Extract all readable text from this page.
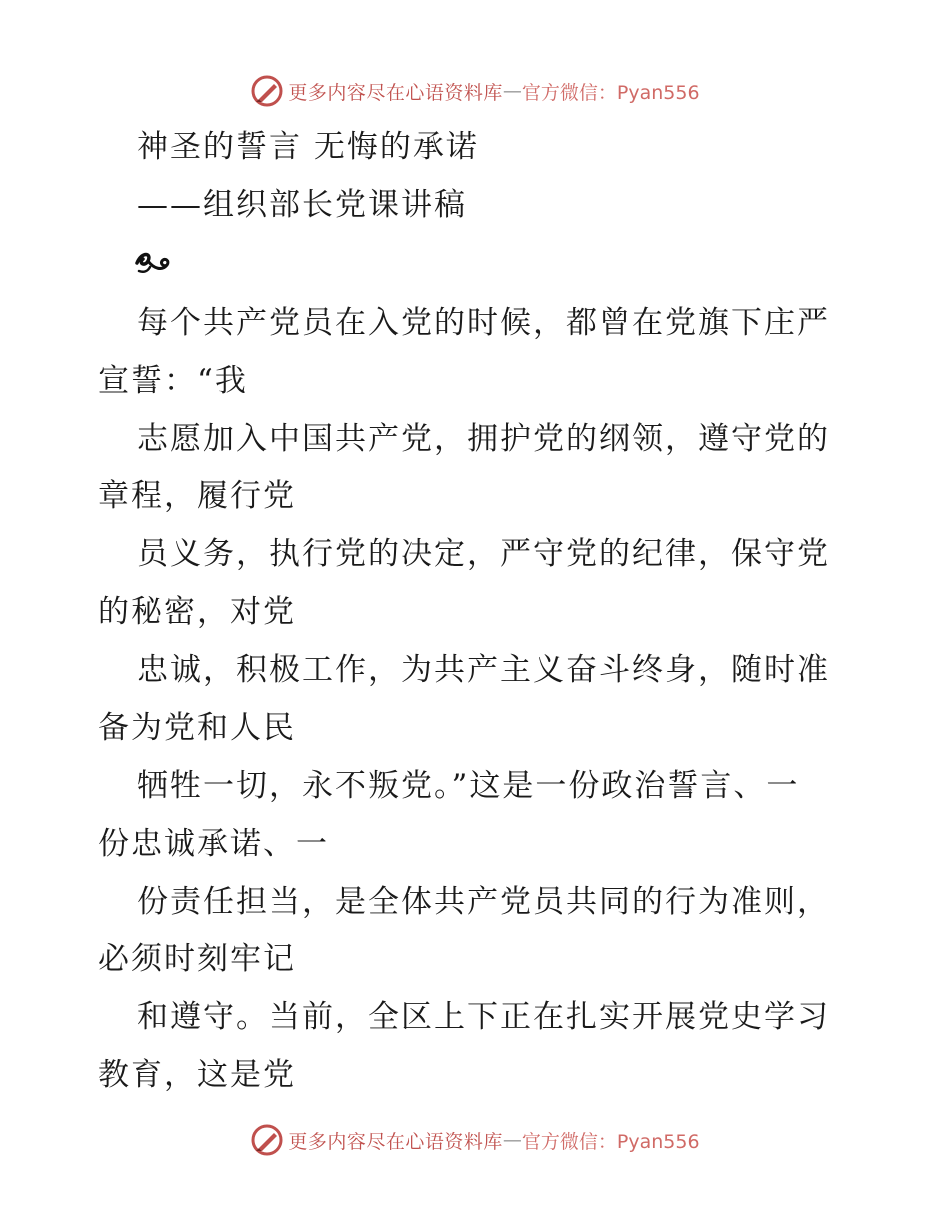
更多内容尽在心语资料库 — 官方微信：Pyan556
神圣的誓言 无悔的承诺
——组织部长党课讲稿
每个共产党员在入党的时候，都曾在党旗下庄严
宣誓：“我
志愿加入中国共产党，拥护党的纲领，遵守党的
章程，履行党
员义务，执行党的决定，严守党的纪律，保守党
的秘密，对党
忠诚，积极工作，为共产主义奋斗终身，随时准
备为党和人民
牺牲一切，永不叛党。”这是一份政治誓言、一
份忠诚承诺、一
份责任担当，是全体共产党员共同的行为准则，
必须时刻牢记
和遵守。当前，全区上下正在扎实开展党史学习
教育，这是党
更多内容尽在心语资料库 — 官方微信：Pyan556
